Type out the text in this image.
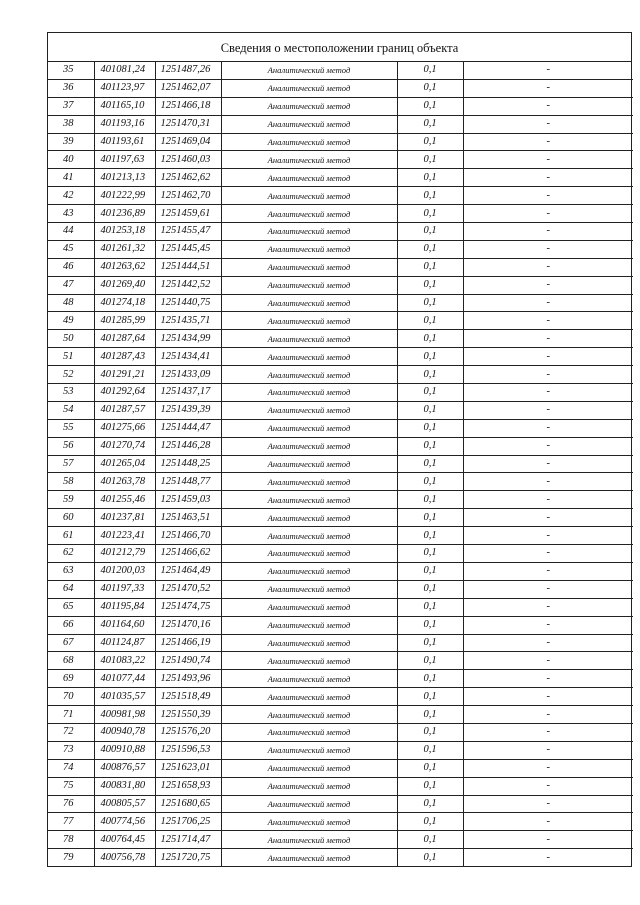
Сведения о местоположении границ объекта
35	401081,24	1251487,26	Аналитический метод	0,1	-
36	401123,97	1251462,07	Аналитический метод	0,1	-
37	401165,10	1251466,18	Аналитический метод	0,1	-
38	401193,16	1251470,31	Аналитический метод	0,1	-
39	401193,61	1251469,04	Аналитический метод	0,1	-
40	401197,63	1251460,03	Аналитический метод	0,1	-
41	401213,13	1251462,62	Аналитический метод	0,1	-
42	401222,99	1251462,70	Аналитический метод	0,1	-
43	401236,89	1251459,61	Аналитический метод	0,1	-
44	401253,18	1251455,47	Аналитический метод	0,1	-
45	401261,32	1251445,45	Аналитический метод	0,1	-
46	401263,62	1251444,51	Аналитический метод	0,1	-
47	401269,40	1251442,52	Аналитический метод	0,1	-
48	401274,18	1251440,75	Аналитический метод	0,1	-
49	401285,99	1251435,71	Аналитический метод	0,1	-
50	401287,64	1251434,99	Аналитический метод	0,1	-
51	401287,43	1251434,41	Аналитический метод	0,1	-
52	401291,21	1251433,09	Аналитический метод	0,1	-
53	401292,64	1251437,17	Аналитический метод	0,1	-
54	401287,57	1251439,39	Аналитический метод	0,1	-
55	401275,66	1251444,47	Аналитический метод	0,1	-
56	401270,74	1251446,28	Аналитический метод	0,1	-
57	401265,04	1251448,25	Аналитический метод	0,1	-
58	401263,78	1251448,77	Аналитический метод	0,1	-
59	401255,46	1251459,03	Аналитический метод	0,1	-
60	401237,81	1251463,51	Аналитический метод	0,1	-
61	401223,41	1251466,70	Аналитический метод	0,1	-
62	401212,79	1251466,62	Аналитический метод	0,1	-
63	401200,03	1251464,49	Аналитический метод	0,1	-
64	401197,33	1251470,52	Аналитический метод	0,1	-
65	401195,84	1251474,75	Аналитический метод	0,1	-
66	401164,60	1251470,16	Аналитический метод	0,1	-
67	401124,87	1251466,19	Аналитический метод	0,1	-
68	401083,22	1251490,74	Аналитический метод	0,1	-
69	401077,44	1251493,96	Аналитический метод	0,1	-
70	401035,57	1251518,49	Аналитический метод	0,1	-
71	400981,98	1251550,39	Аналитический метод	0,1	-
72	400940,78	1251576,20	Аналитический метод	0,1	-
73	400910,88	1251596,53	Аналитический метод	0,1	-
74	400876,57	1251623,01	Аналитический метод	0,1	-
75	400831,80	1251658,93	Аналитический метод	0,1	-
76	400805,57	1251680,65	Аналитический метод	0,1	-
77	400774,56	1251706,25	Аналитический метод	0,1	-
78	400764,45	1251714,47	Аналитический метод	0,1	-
79	400756,78	1251720,75	Аналитический метод	0,1	-
